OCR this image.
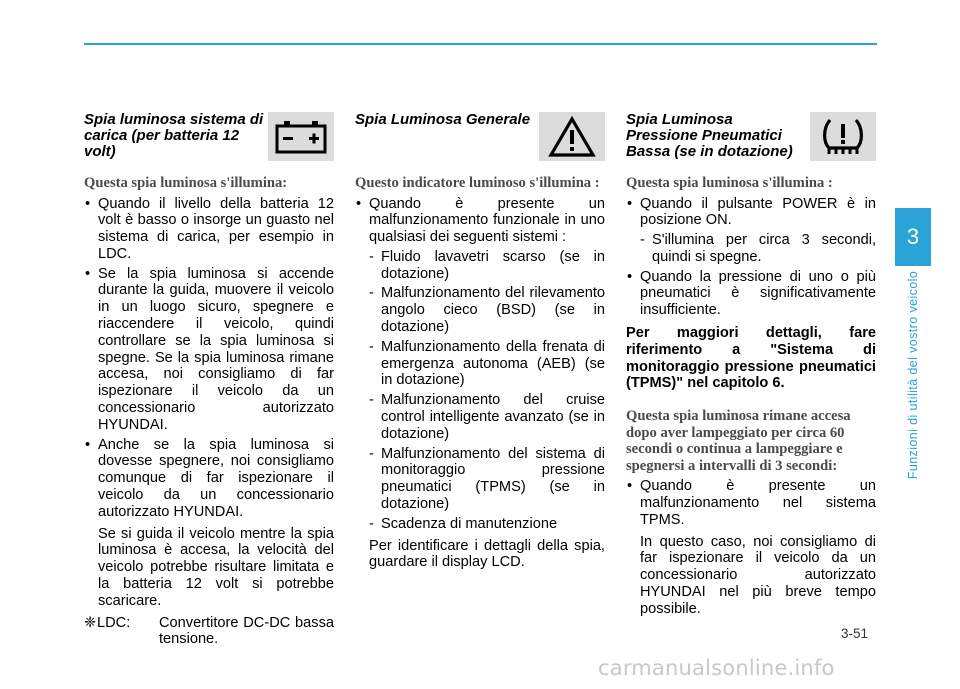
Spia luminosa sistema di carica (per batteria 12 volt)
Questa spia luminosa s'illumina:
• Quando il livello della batteria 12 volt è basso o insorge un guasto nel sistema di carica, per esempio in LDC.
• Se la spia luminosa si accende durante la guida, muovere il veicolo in un luogo sicuro, spegnere e riaccendere il veicolo, quindi controllare se la spia luminosa si spegne. Se la spia luminosa rimane accesa, noi consigliamo di far ispezionare il veicolo da un concessionario autorizzato HYUNDAI.
• Anche se la spia luminosa si dovesse spegnere, noi consigliamo comunque di far ispezionare il veicolo da un concessionario autorizzato HYUNDAI.
Se si guida il veicolo mentre la spia luminosa è accesa, la velocità del veicolo potrebbe risultare limitata e la batteria 12 volt si potrebbe scaricare.
❈ LDC: Convertitore DC-DC bassa tensione.
Spia Luminosa Generale
Questo indicatore luminoso s'illumina :
• Quando è presente un malfunzionamento funzionale in uno qualsiasi dei seguenti sistemi :
- Fluido lavavetri scarso (se in dotazione)
- Malfunzionamento del rilevamento angolo cieco (BSD) (se in dotazione)
- Malfunzionamento della frenata di emergenza autonoma (AEB) (se in dotazione)
- Malfunzionamento del cruise control intelligente avanzato (se in dotazione)
- Malfunzionamento del sistema di monitoraggio pressione pneumatici (TPMS) (se in dotazione)
- Scadenza di manutenzione
Per identificare i dettagli della spia, guardare il display LCD.
Spia Luminosa Pressione Pneumatici Bassa (se in dotazione)
Questa spia luminosa s'illumina :
• Quando il pulsante POWER è in posizione ON.
- S'illumina per circa 3 secondi, quindi si spegne.
• Quando la pressione di uno o più pneumatici è significativamente insufficiente.
Per maggiori dettagli, fare riferimento a "Sistema di monitoraggio pressione pneumatici (TPMS)" nel capitolo 6.
Questa spia luminosa rimane accesa dopo aver lampeggiato per circa 60 secondi o continua a lampeggiare e spegnersi a intervalli di 3 secondi:
• Quando è presente un malfunzionamento nel sistema TPMS.
In questo caso, noi consigliamo di far ispezionare il veicolo da un concessionario autorizzato HYUNDAI nel più breve tempo possibile.
3
Funzioni di utilità del vostro veicolo
3-51
carmanualsonline.info
